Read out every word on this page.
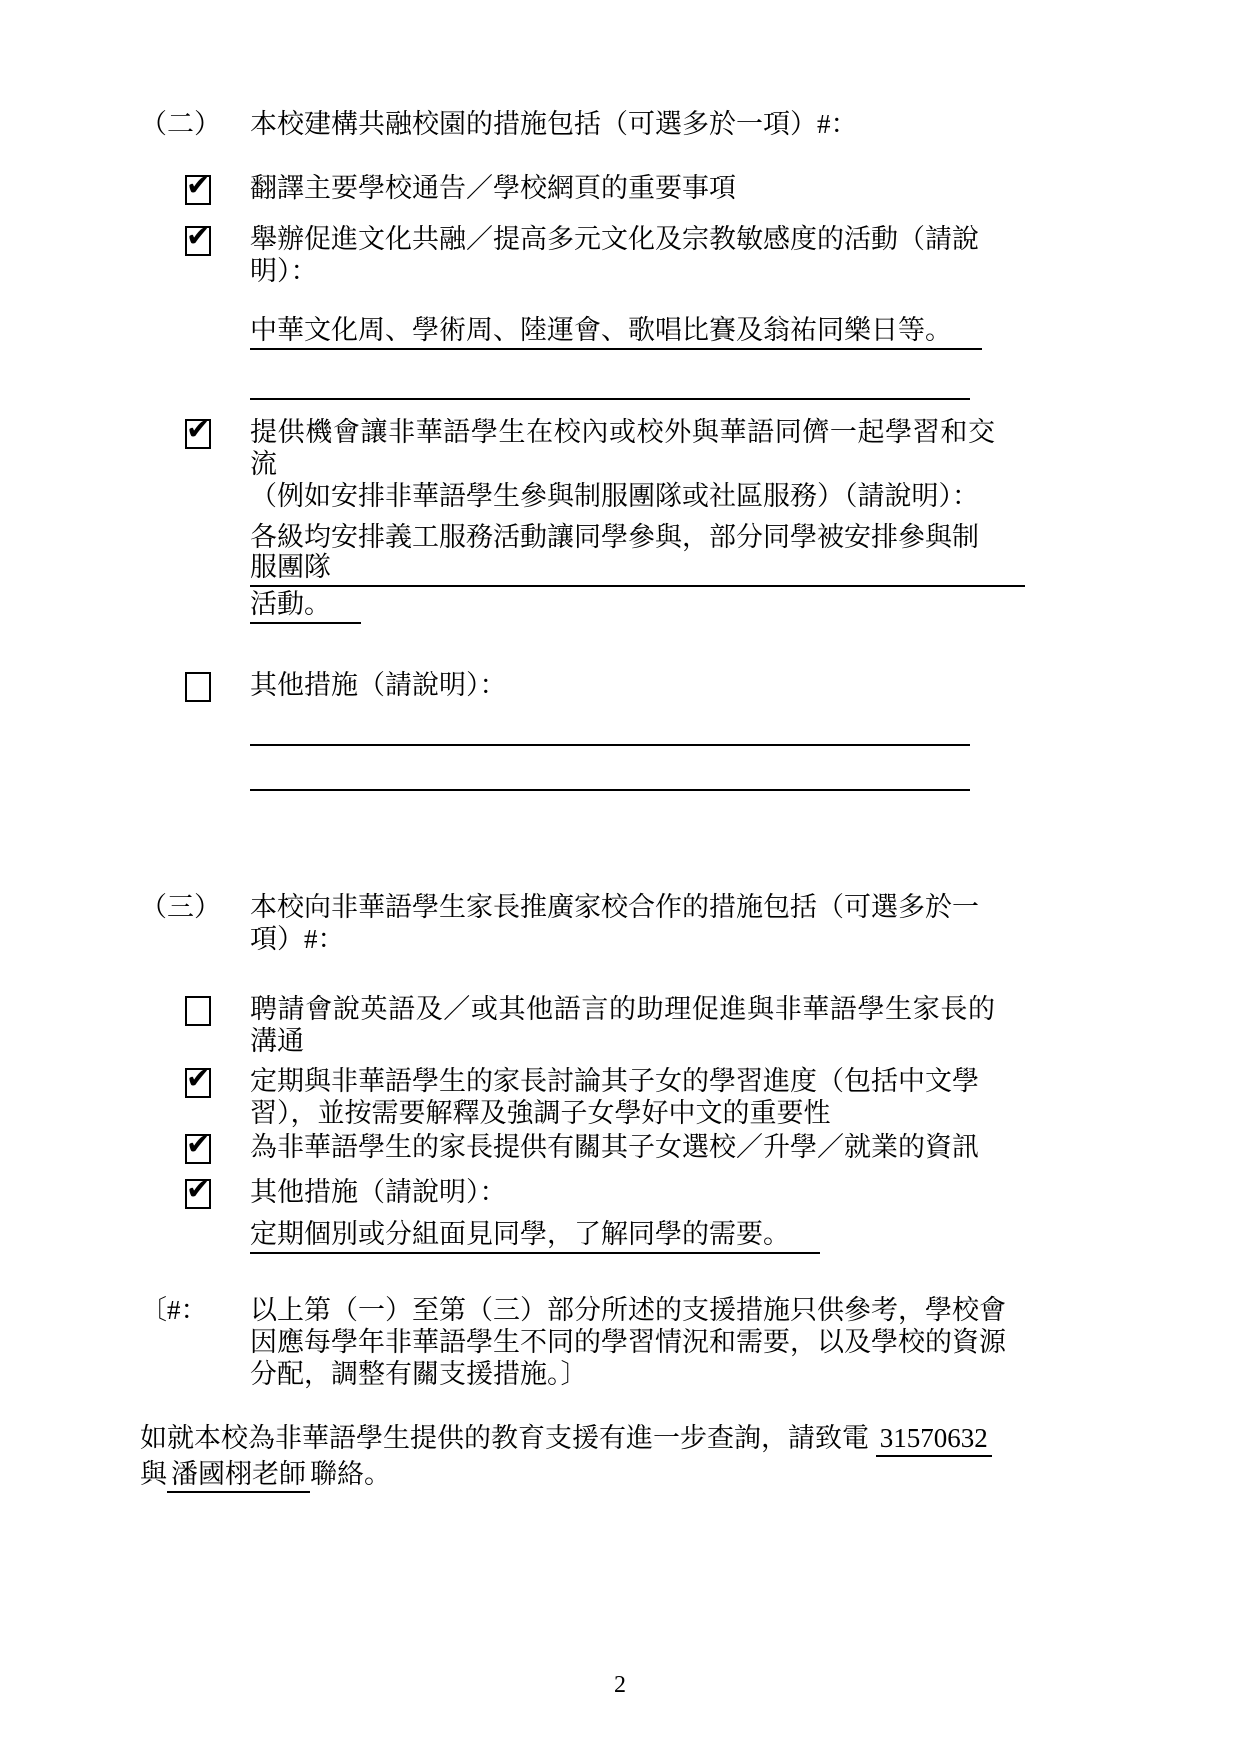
（二）	本校建構共融校園的措施包括（可選多於一項）#：
✔
翻譯主要學校通告／學校網頁的重要事項
✔
舉辦促進文化共融／提高多元文化及宗教敏感度的活動（請說
明）：
中華文化周、學術周、陸運會、歌唱比賽及翁祐同樂日等。
✔
提供機會讓非華語學生在校內或校外與華語同儕一起學習和交流
（例如安排非華語學生參與制服團隊或社區服務）（請說明）：
各級均安排義工服務活動讓同學參與，部分同學被安排參與制服團隊
活動。
其他措施（請說明）：
（三）	本校向非華語學生家長推廣家校合作的措施包括（可選多於一
項）#：
聘請會說英語及／或其他語言的助理促進與非華語學生家長的溝通
✔
定期與非華語學生的家長討論其子女的學習進度（包括中文學
習），並按需要解釋及強調子女學好中文的重要性
✔
為非華語學生的家長提供有關其子女選校／升學／就業的資訊
✔
其他措施（請說明）：
定期個別或分組面見同學，了解同學的需要。
〔#：	以上第（一）至第（三）部分所述的支援措施只供參考，學校會
因應每學年非華語學生不同的學習情況和需要，以及學校的資源
分配，調整有關支援措施。〕
如就本校為非華語學生提供的教育支援有進一步查詢，請致電 31570632
與 潘國栩老師 聯絡。
2
